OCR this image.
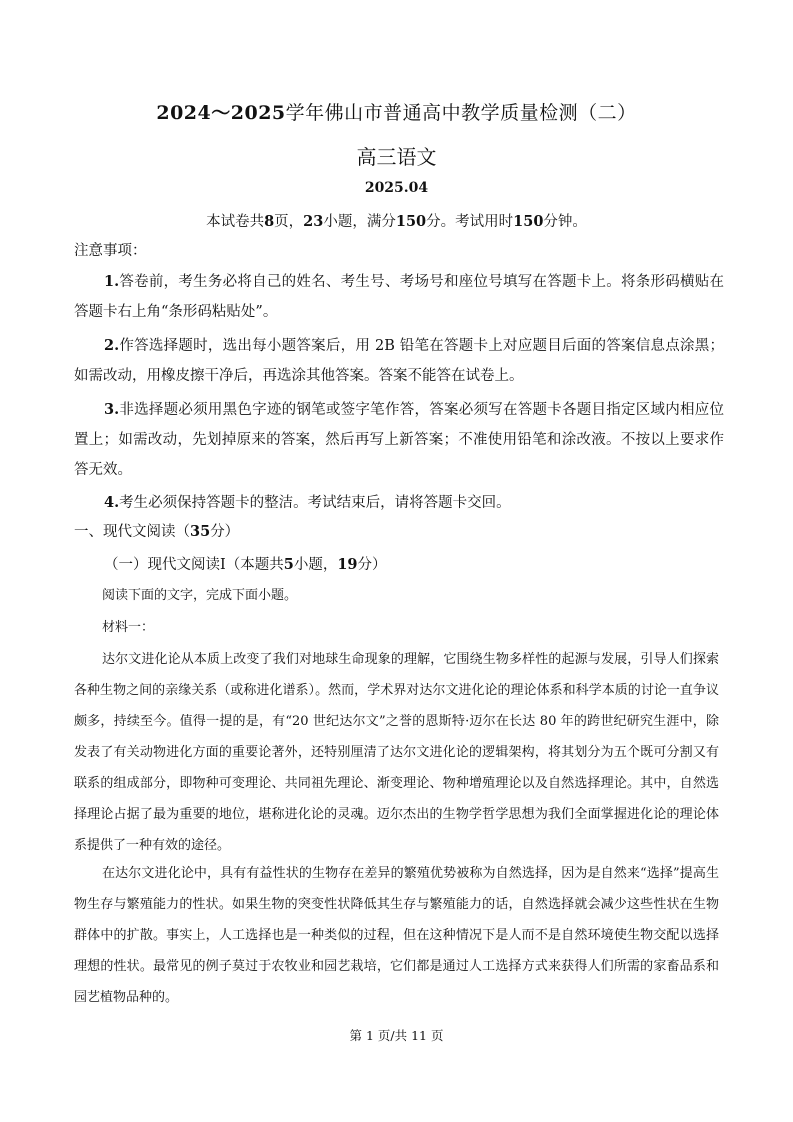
2024～2025学年佛山市普通高中教学质量检测（二）
高三语文
2025.04
本试卷共8页，23小题，满分150分。考试用时150分钟。
注意事项：
1.答卷前，考生务必将自己的姓名、考生号、考场号和座位号填写在答题卡上。将条形码横贴在答题卡右上角“条形码粘贴处”。
2.作答选择题时，选出每小题答案后，用 2B 铅笔在答题卡上对应题目后面的答案信息点涂黑；如需改动，用橡皮擦干净后，再选涂其他答案。答案不能答在试卷上。
3.非选择题必须用黑色字迹的钢笔或签字笔作答，答案必须写在答题卡各题目指定区域内相应位置上；如需改动，先划掉原来的答案，然后再写上新答案；不准使用铅笔和涂改液。不按以上要求作答无效。
4.考生必须保持答题卡的整洁。考试结束后，请将答题卡交回。
一、现代文阅读（35分）
（一）现代文阅读Ⅰ（本题共5小题，19分）
阅读下面的文字，完成下面小题。
材料一：
达尔文进化论从本质上改变了我们对地球生命现象的理解，它围绕生物多样性的起源与发展，引导人们探索各种生物之间的亲缘关系（或称进化谱系）。然而，学术界对达尔文进化论的理论体系和科学本质的讨论一直争议颇多，持续至今。值得一提的是，有“20 世纪达尔文”之誉的恩斯特·迈尔在长达 80 年的跨世纪研究生涯中，除发表了有关动物进化方面的重要论著外，还特别厘清了达尔文进化论的逻辑架构，将其划分为五个既可分割又有联系的组成部分，即物种可变理论、共同祖先理论、渐变理论、物种增殖理论以及自然选择理论。其中，自然选择理论占据了最为重要的地位，堪称进化论的灵魂。迈尔杰出的生物学哲学思想为我们全面掌握进化论的理论体系提供了一种有效的途径。
在达尔文进化论中，具有有益性状的生物存在差异的繁殖优势被称为自然选择，因为是自然来“选择”提高生物生存与繁殖能力的性状。如果生物的突变性状降低其生存与繁殖能力的话，自然选择就会减少这些性状在生物群体中的扩散。事实上，人工选择也是一种类似的过程，但在这种情况下是人而不是自然环境使生物交配以选择理想的性状。最常见的例子莫过于农牧业和园艺栽培，它们都是通过人工选择方式来获得人们所需的家畜品系和园艺植物品种的。
第 1 页/共 11 页
